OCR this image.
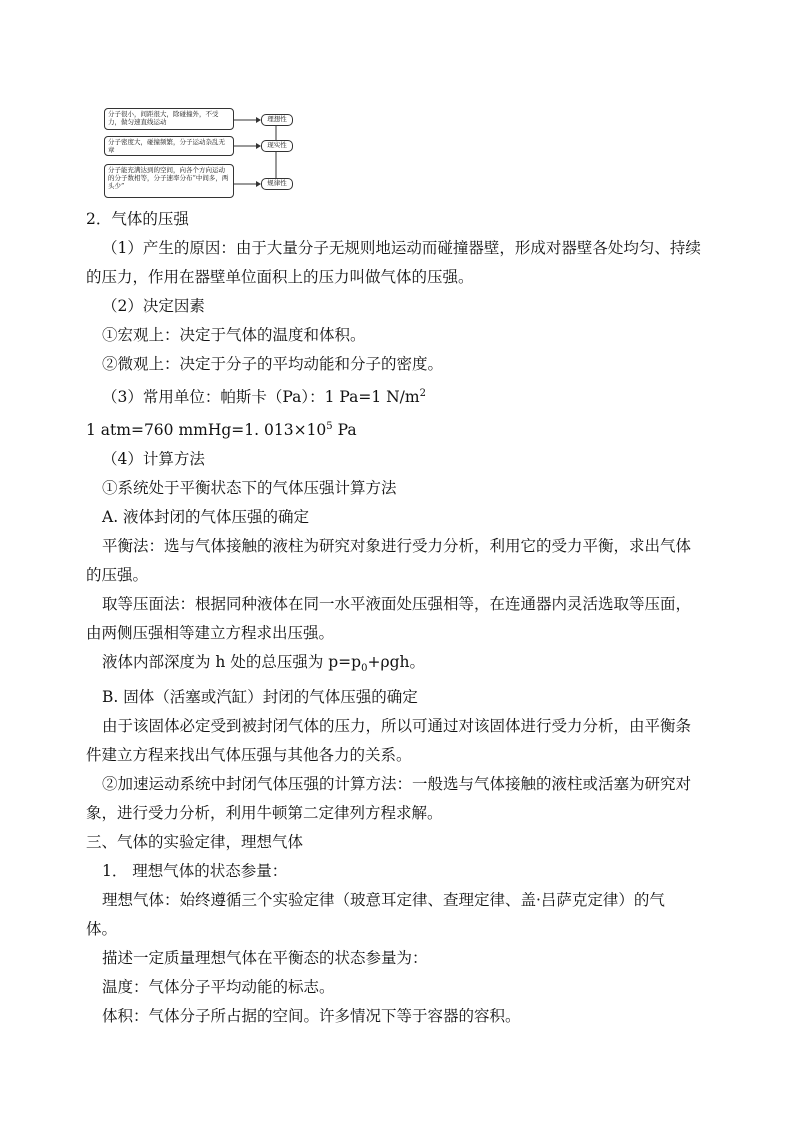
分子很小，间距很大，除碰撞外，不受力，做匀速直线运动
分子密度大，碰撞频繁，分子运动杂乱无章
分子能充满达到的空间，向各个方向运动的分子数相等，分子速率分布“中间多，两头少”
理想性
现实性
规律性
2．气体的压强
（1）产生的原因：由于大量分子无规则地运动而碰撞器壁，形成对器壁各处均匀、持续
的压力，作用在器壁单位面积上的压力叫做气体的压强。
（2）决定因素
①宏观上：决定于气体的温度和体积。
②微观上：决定于分子的平均动能和分子的密度。
（3）常用单位：帕斯卡（Pa）：1 Pa=1 $N/m^2$
1 atm=760 mmHg=1. $013\times 10^5$ Pa
（4）计算方法
①系统处于平衡状态下的气体压强计算方法
A. 液体封闭的气体压强的确定
平衡法：选与气体接触的液柱为研究对象进行受力分析，利用它的受力平衡，求出气体
的压强。
取等压面法：根据同种液体在同一水平液面处压强相等，在连通器内灵活选取等压面，
由两侧压强相等建立方程求出压强。
液体内部深度为 h 处的总压强为 $p=p_0+\rho gh$。
B. 固体（活塞或汽缸）封闭的气体压强的确定
由于该固体必定受到被封闭气体的压力，所以可通过对该固体进行受力分析，由平衡条
件建立方程来找出气体压强与其他各力的关系。
②加速运动系统中封闭气体压强的计算方法：一般选与气体接触的液柱或活塞为研究对
象，进行受力分析，利用牛顿第二定律列方程求解。
三、气体的实验定律，理想气体
1． 理想气体的状态参量：
理想气体：始终遵循三个实验定律（玻意耳定律、查理定律、盖·吕萨克定律）的气
体。
描述一定质量理想气体在平衡态的状态参量为：
温度：气体分子平均动能的标志。
体积：气体分子所占据的空间。许多情况下等于容器的容积。
